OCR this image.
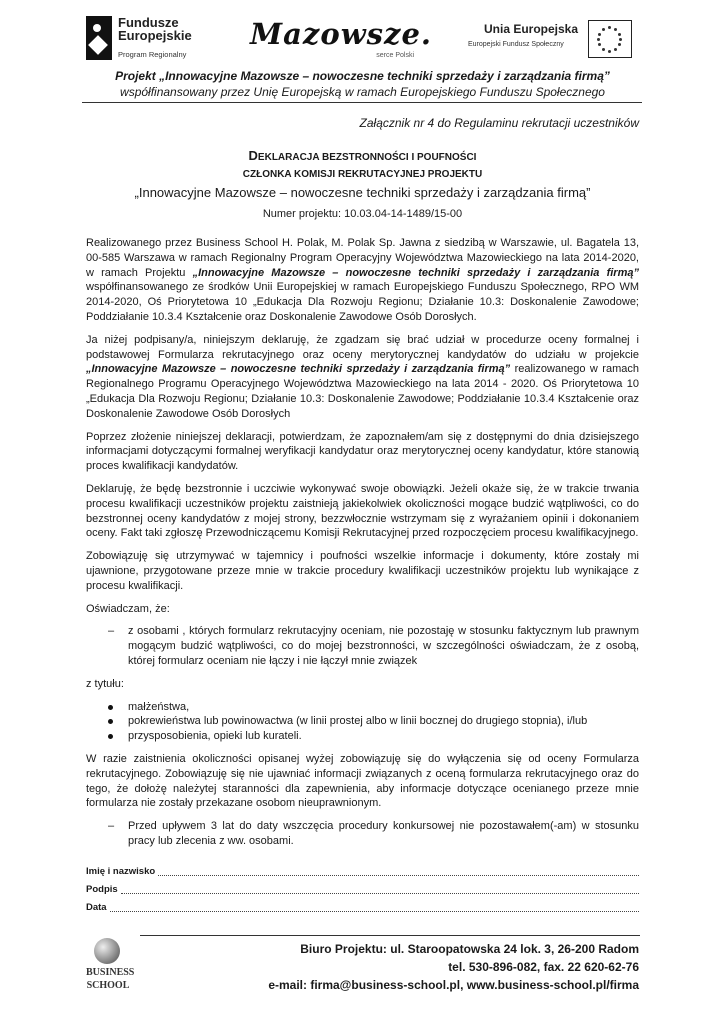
Fundusze
Europejskie
Program Regionalny
Mazowsze.
serce Polski
Unia Europejska
Europejski Fundusz Społeczny
Projekt „Innowacyjne Mazowsze – nowoczesne techniki sprzedaży i zarządzania firmą”
współfinansowany przez Unię Europejską w ramach Europejskiego Funduszu Społecznego
Załącznik nr 4 do Regulaminu rekrutacji uczestników
DEKLARACJA BEZSTRONNOŚCI I POUFNOŚCI
CZŁONKA KOMISJI REKRUTACYJNEJ PROJEKTU
„Innowacyjne Mazowsze – nowoczesne techniki sprzedaży i zarządzania firmą”
Numer projektu: 10.03.04-14-1489/15-00

Realizowanego przez Business School H. Polak, M. Polak Sp. Jawna z siedzibą w Warszawie, ul. Bagatela 13, 00-585 Warszawa w ramach Regionalny Program Operacyjny Województwa Mazowieckiego na lata 2014-2020, w ramach Projektu „Innowacyjne Mazowsze – nowoczesne techniki sprzedaży i zarządzania firmą” współfinansowanego ze środków Unii Europejskiej w ramach Europejskiego Funduszu Społecznego, RPO WM 2014-2020, Oś Priorytetowa 10 „Edukacja Dla Rozwoju Regionu; Działanie 10.3: Doskonalenie Zawodowe; Poddziałanie 10.3.4 Kształcenie oraz Doskonalenie Zawodowe Osób Dorosłych.

Ja niżej podpisany/a, niniejszym deklaruję, że zgadzam się brać udział w procedurze oceny formalnej i podstawowej Formularza rekrutacyjnego oraz oceny merytorycznej kandydatów do udziału w projekcie „Innowacyjne Mazowsze – nowoczesne techniki sprzedaży i zarządzania firmą” realizowanego w ramach Regionalnego Programu Operacyjnego Województwa Mazowieckiego na lata 2014 - 2020. Oś Priorytetowa 10 „Edukacja Dla Rozwoju Regionu; Działanie 10.3: Doskonalenie Zawodowe; Poddziałanie 10.3.4 Kształcenie oraz Doskonalenie Zawodowe Osób Dorosłych

Poprzez złożenie niniejszej deklaracji, potwierdzam, że zapoznałem/am się z dostępnymi do dnia dzisiejszego informacjami dotyczącymi formalnej weryfikacji kandydatur oraz merytorycznej oceny kandydatur, które stanowią proces kwalifikacji kandydatów.

Deklaruję, że będę bezstronnie i uczciwie wykonywać swoje obowiązki. Jeżeli okaże się, że w trakcie trwania procesu kwalifikacji uczestników projektu zaistnieją jakiekolwiek okoliczności mogące budzić wątpliwości, co do bezstronnej oceny kandydatów z mojej strony, bezzwłocznie wstrzymam się z wyrażaniem opinii i dokonaniem oceny. Fakt taki zgłoszę Przewodniczącemu Komisji Rekrutacyjnej przed rozpoczęciem procesu kwalifikacyjnego.

Zobowiązuję się utrzymywać w tajemnicy i poufności wszelkie informacje i dokumenty, które zostały mi ujawnione, przygotowane przeze mnie w trakcie procedury kwalifikacji uczestników projektu lub wynikające z procesu kwalifikacji.

Oświadczam, że:

– z osobami , których formularz rekrutacyjny oceniam, nie pozostaję w stosunku faktycznym lub prawnym mogącym budzić wątpliwości, co do mojej bezstronności, w szczególności oświadczam, że z osobą, której formularz oceniam nie łączy i nie łączył mnie związek

z tytułu:

małżeństwa,
pokrewieństwa lub powinowactwa (w linii prostej albo w linii bocznej do drugiego stopnia), i/lub
przysposobienia, opieki lub kurateli.

W razie zaistnienia okoliczności opisanej wyżej zobowiązuję się do wyłączenia się od oceny Formularza rekrutacyjnego. Zobowiązuję się nie ujawniać informacji związanych z oceną formularza rekrutacyjnego oraz do tego, że dołożę należytej staranności dla zapewnienia, aby informacje dotyczące ocenianego przeze mnie formularza nie zostały przekazane osobom nieuprawnionym.

– Przed upływem 3 lat do daty wszczęcia procedury konkursowej nie pozostawałem(-am) w stosunku pracy lub zlecenia z ww. osobami.
Imię i nazwisko
Podpis
Data
BUSINESS
SCHOOL
Biuro Projektu: ul. Staroopatowska 24 lok. 3, 26-200 Radom
tel. 530-896-082, fax. 22 620-62-76
e-mail: firma@business-school.pl, www.business-school.pl/firma
